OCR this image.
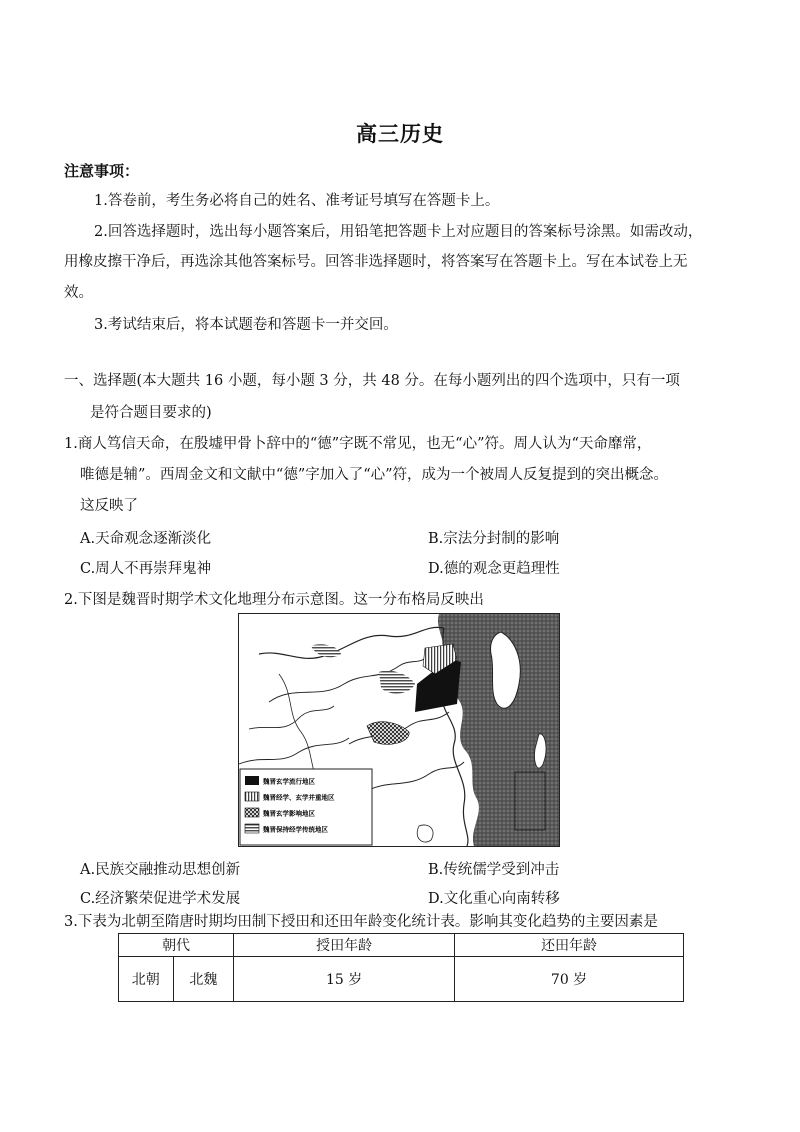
高三历史
注意事项：
1.答卷前，考生务必将自己的姓名、准考证号填写在答题卡上。
2.回答选择题时，选出每小题答案后，用铅笔把答题卡上对应题目的答案标号涂黑。如需改动，
用橡皮擦干净后，再选涂其他答案标号。回答非选择题时，将答案写在答题卡上。写在本试卷上无
效。
3.考试结束后，将本试题卷和答题卡一并交回。
一、选择题(本大题共 16 小题，每小题 3 分，共 48 分。在每小题列出的四个选项中，只有一项
是符合题目要求的)
1.商人笃信天命，在殷墟甲骨卜辞中的“德”字既不常见，也无“心”符。周人认为“天命靡常，
唯德是辅”。西周金文和文献中“德”字加入了“心”符，成为一个被周人反复提到的突出概念。
这反映了
A.天命观念逐渐淡化	B.宗法分封制的影响
C.周人不再崇拜鬼神	D.德的观念更趋理性
2.下图是魏晋时期学术文化地理分布示意图。这一分布格局反映出
魏晋玄学流行地区
魏晋经学、玄学并重地区
魏晋玄学影响地区
魏晋保持经学传统地区
A.民族交融推动思想创新	B.传统儒学受到冲击
C.经济繁荣促进学术发展	D.文化重心向南转移
3.下表为北朝至隋唐时期均田制下授田和还田年龄变化统计表。影响其变化趋势的主要因素是
朝代		授田年龄	还田年龄
北朝	北魏	15 岁	70 岁
